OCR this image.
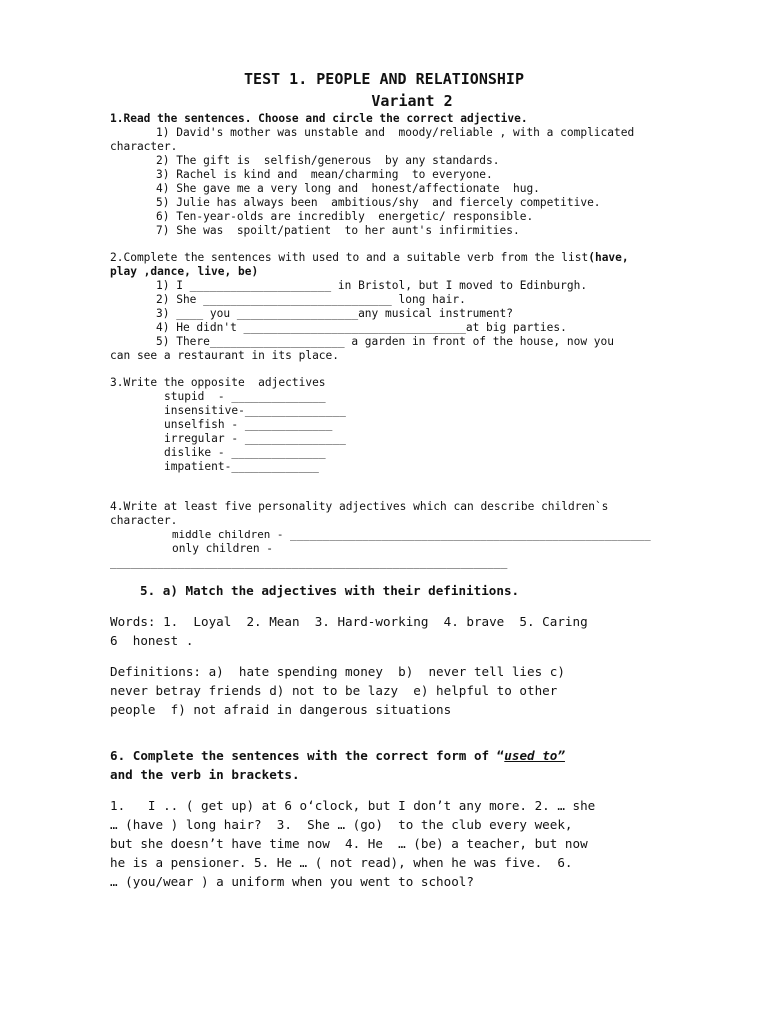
TEST 1. PEOPLE AND RELATIONSHIP
Variant 2
1.Read the sentences. Choose and circle the correct adjective.
1) David's mother was unstable and  moody/reliable , with a complicated
character.
2) The gift is  selfish/generous  by any standards.
3) Rachel is kind and  mean/charming  to everyone.
4) She gave me a very long and  honest/affectionate  hug.
5) Julie has always been  ambitious/shy  and fiercely competitive.
6) Ten-year-olds are incredibly  energetic/ responsible.
7) She was  spoilt/patient  to her aunt's infirmities.
2.Complete the sentences with used to and a suitable verb from the list(have,
play ,dance, live, be)
1) I _____________________ in Bristol, but I moved to Edinburgh.
2) She ____________________________ long hair.
3) ____ you __________________any musical instrument?
4) He didn't _________________________________at big parties.
5) There____________________ a garden in front of the house, now you
can see a restaurant in its place.
3.Write the opposite  adjectives
stupid  - ______________
insensitive-_______________
unselfish - _____________
irregular - _______________
dislike - ______________
impatient-_____________
4.Write at least five personality adjectives which can describe children`s
character.
middle children - _______________________________________________________
only children -
___________________________________________________________
5. a) Match the adjectives with their definitions.
Words: 1.  Loyal  2. Mean  3. Hard-working  4. brave  5. Caring
6  honest .
Definitions: a)  hate spending money  b)  never tell lies c)
never betray friends d) not to be lazy  e) helpful to other
people  f) not afraid in dangerous situations
6. Complete the sentences with the correct form of “used to”
and the verb in brackets.
1.   I .. ( get up) at 6 o‘clock, but I don’t any more. 2. … she
… (have ) long hair?  3.  She … (go)  to the club every week,
but she doesn’t have time now  4. He  … (be) a teacher, but now
he is a pensioner. 5. He … ( not read), when he was five.  6.
… (you/wear ) a uniform when you went to school?
